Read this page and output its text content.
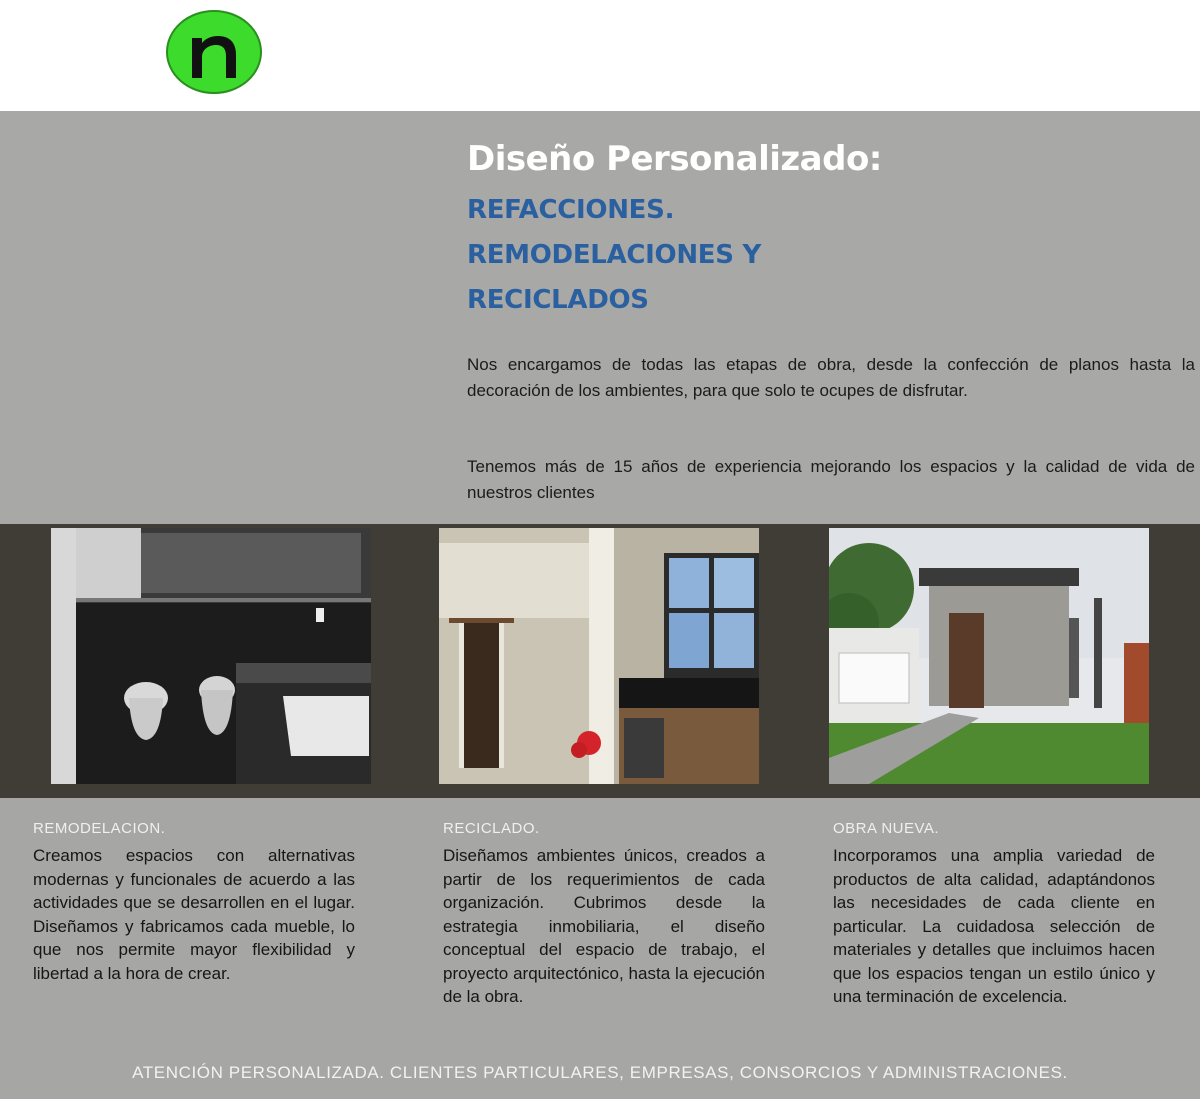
Diseño Personalizado:
REFACCIONES.
REMODELACIONES Y
RECICLADOS

Nos encargamos de todas las etapas de obra, desde la confección de planos hasta la decoración de los ambientes, para que solo te ocupes de disfrutar.

Tenemos más de 15 años de experiencia mejorando los espacios y la calidad de vida de nuestros clientes

REMODELACION.

Creamos espacios con alternativas modernas y funcionales de acuerdo a las actividades que se desarrollen en el lugar. Diseñamos y fabricamos cada mueble, lo que nos permite mayor flexibilidad y libertad a la hora de crear.

RECICLADO.

Diseñamos ambientes únicos, creados a partir de los requerimientos de cada organización. Cubrimos desde la estrategia inmobiliaria, el diseño conceptual del espacio de trabajo, el proyecto arquitectónico, hasta la ejecución de la obra.

OBRA NUEVA.

Incorporamos una amplia variedad de productos de alta calidad, adaptándonos las necesidades de cada cliente en particular. La cuidadosa selección de materiales y detalles que incluimos hacen que los espacios tengan un estilo único y una terminación de excelencia.

ATENCIÓN PERSONALIZADA. CLIENTES PARTICULARES, EMPRESAS, CONSORCIOS Y ADMINISTRACIONES.
